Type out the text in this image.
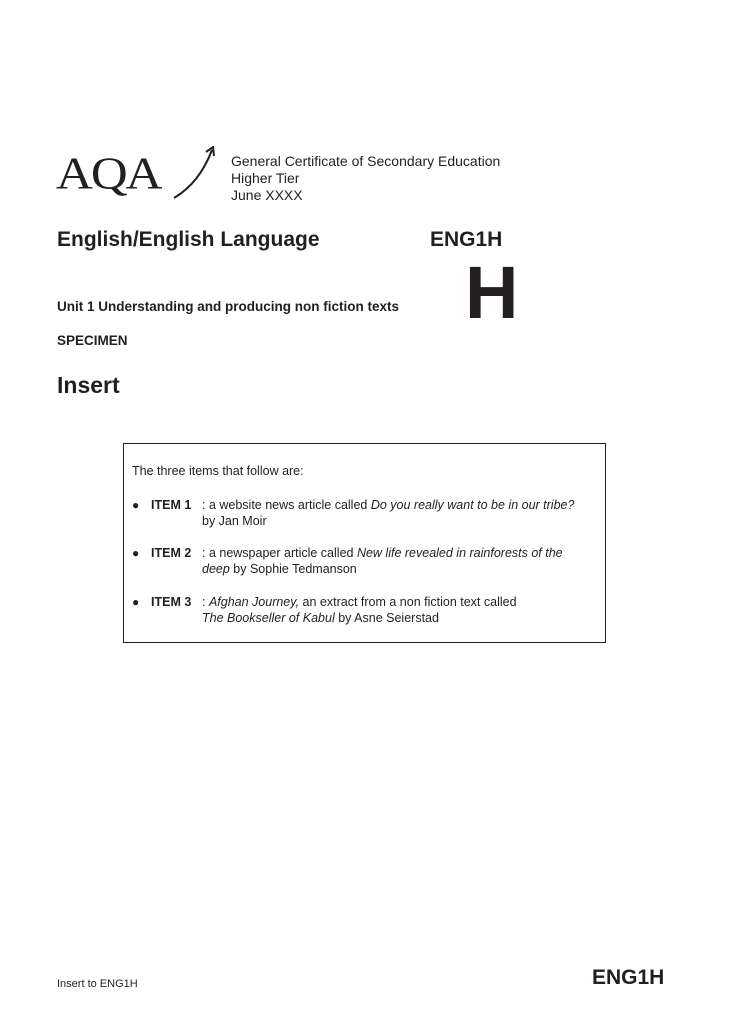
AQA	General Certificate of Secondary Education
Higher Tier
June XXXX
English/English Language	ENG1H
H
Unit 1 Understanding and producing non fiction texts
SPECIMEN
Insert
The three items that follow are:
● ITEM 1 : a website news article called Do you really want to be in our tribe?
by Jan Moir
● ITEM 2 : a newspaper article called New life revealed in rainforests of the
deep by Sophie Tedmanson
● ITEM 3 : Afghan Journey, an extract from a non fiction text called
The Bookseller of Kabul by Asne Seierstad
Insert to ENG1H	ENG1H
